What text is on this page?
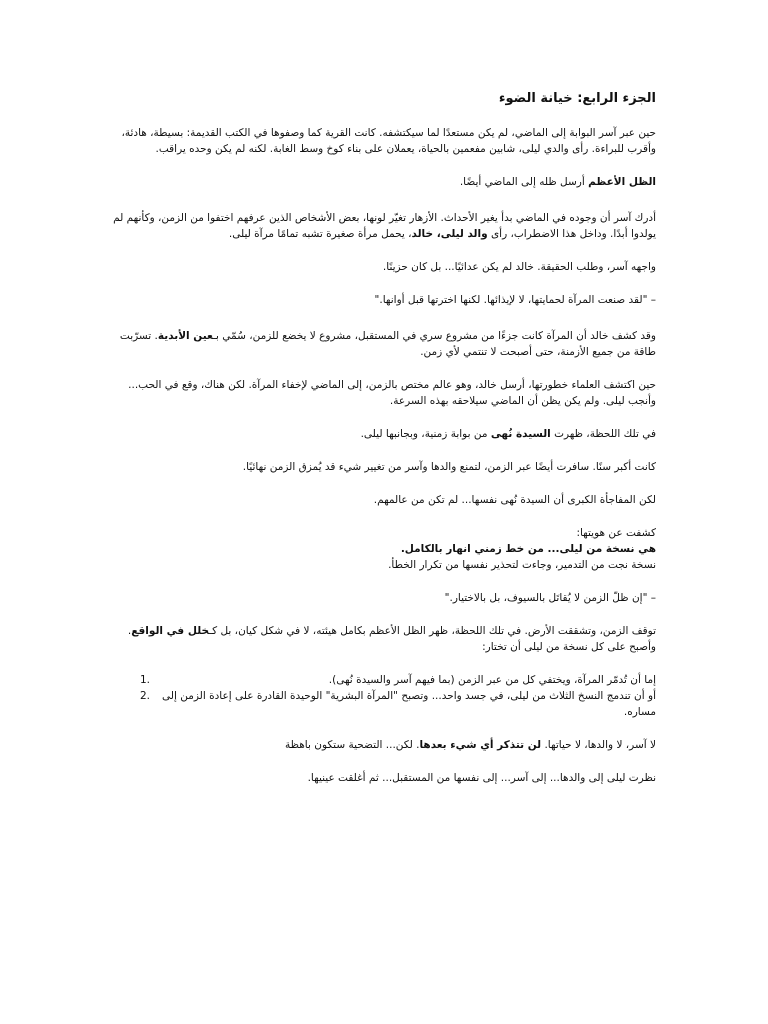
الجزء الرابع: خيانة الضوء

حين عبر آسر البوابة إلى الماضي، لم يكن مستعدًا لما سيكتشفه. كانت القرية كما وصفوها في الكتب القديمة: بسيطة، هادئة، وأقرب للبراءة. رأى والدي ليلى، شابين مفعمين بالحياة، يعملان على بناء كوخ وسط الغابة. لكنه لم يكن وحده يراقب.

الظل الأعظم أرسل ظله إلى الماضي أيضًا.

أدرك آسر أن وجوده في الماضي بدأ يغير الأحداث. الأزهار تغيّر لونها، بعض الأشخاص الذين عرفهم اختفوا من الزمن، وكأنهم لم يولدوا أبدًا. وداخل هذا الاضطراب، رأى والد ليلى، خالد، يحمل مرأة صغيرة تشبه تمامًا مرآة ليلى.

واجهه آسر، وطلب الحقيقة. خالد لم يكن عدائيًا... بل كان حزينًا.

– "لقد صنعت المرآة لحمايتها، لا لإيذائها. لكنها اخترتها قبل أوانها."

وقد كشف خالد أن المرآة كانت جزءًا من مشروع سري في المستقبل، مشروع لا يخضع للزمن، سُمّي بـعين الأبدية. تسرّبت طاقة من جميع الأزمنة، حتى أصبحت لا تنتمي لأي زمن.

حين اكتشف العلماء خطورتها، أرسل خالد، وهو عالم مختص بالزمن، إلى الماضي لإخفاء المرآة. لكن هناك، وقع في الحب... وأنجب ليلى. ولم يكن يظن أن الماضي سيلاحقه بهذه السرعة.

في تلك اللحظة، ظهرت السيدة نُهى من بوابة زمنية، وبجانبها ليلى.

كانت أكبر سنًا. سافرت أيضًا عبر الزمن، لتمنع والدها وآسر من تغيير شيء قد يُمزق الزمن نهائيًا.

لكن المفاجأة الكبرى أن السيدة نُهى نفسها... لم تكن من عالمهم.

كشفت عن هويتها:

هي نسخة من ليلى... من خط زمني انهار بالكامل.

نسخة نجت من التدمير، وجاءت لتحذير نفسها من تكرار الخطأ.

– "إن ظلّ الزمن لا يُقاتَل بالسيوف، بل بالاختيار."

توقف الزمن، وتشققت الأرض. في تلك اللحظة، ظهر الظل الأعظم بكامل هيئته، لا في شكل كيان، بل كـخلل في الواقع. وأصبح على كل نسخة من ليلى أن تختار:

1.	إما أن تُدمّر المرآة، ويختفي كل من عبر الزمن (بما فيهم آسر والسيدة نُهى).
2.	أو أن تندمج النسخ الثلاث من ليلى، في جسد واحد... وتصبح "المرآة البشرية" الوحيدة القادرة على إعادة الزمن إلى مساره.

لا آسر، لا والدها، لا حياتها. لن تتذكر أي شيء بعدها. لكن... التضحية ستكون باهظة

نظرت ليلى إلى والدها... إلى آسر... إلى نفسها من المستقبل... ثم أغلقت عينيها.
